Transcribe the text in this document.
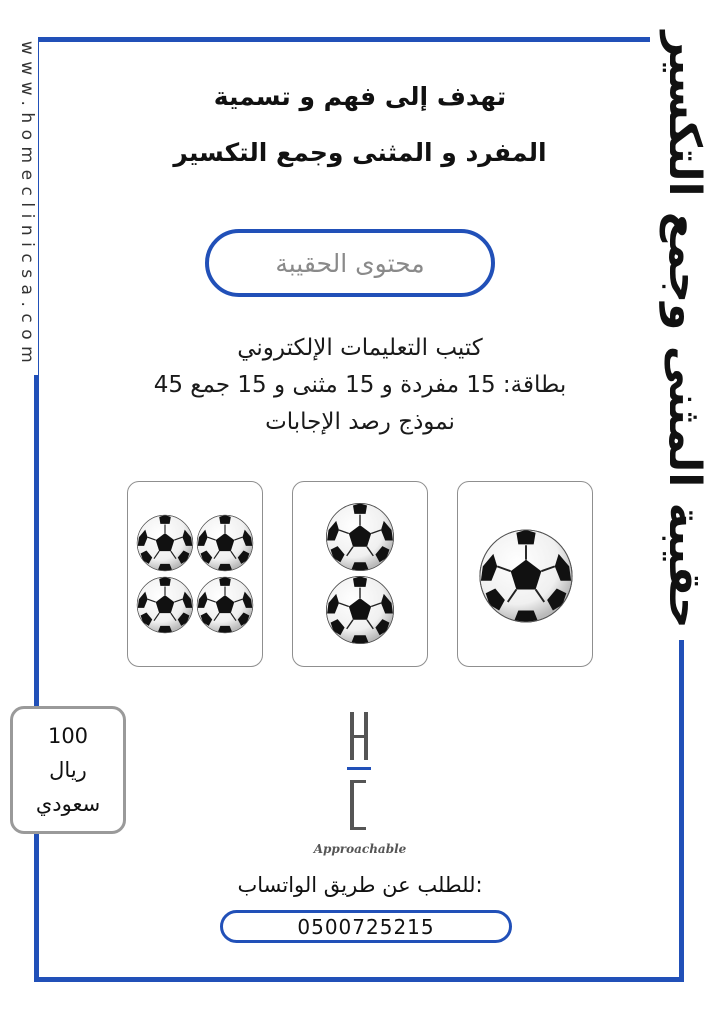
حقيبة المثنى وجمع التكسير
www.homeclinicsa.com	تهدف إلى فهم و تسمية
المفرد و المثنى وجمع التكسير
محتوى الحقيبة
كتيب التعليمات الإلكتروني
45 بطاقة: 15 مفردة و 15 مثنى و 15 جمع
نموذج رصد الإجابات
100
ريال
سعودي
Approachable
للطلب عن طريق الواتساب:
0500725215
